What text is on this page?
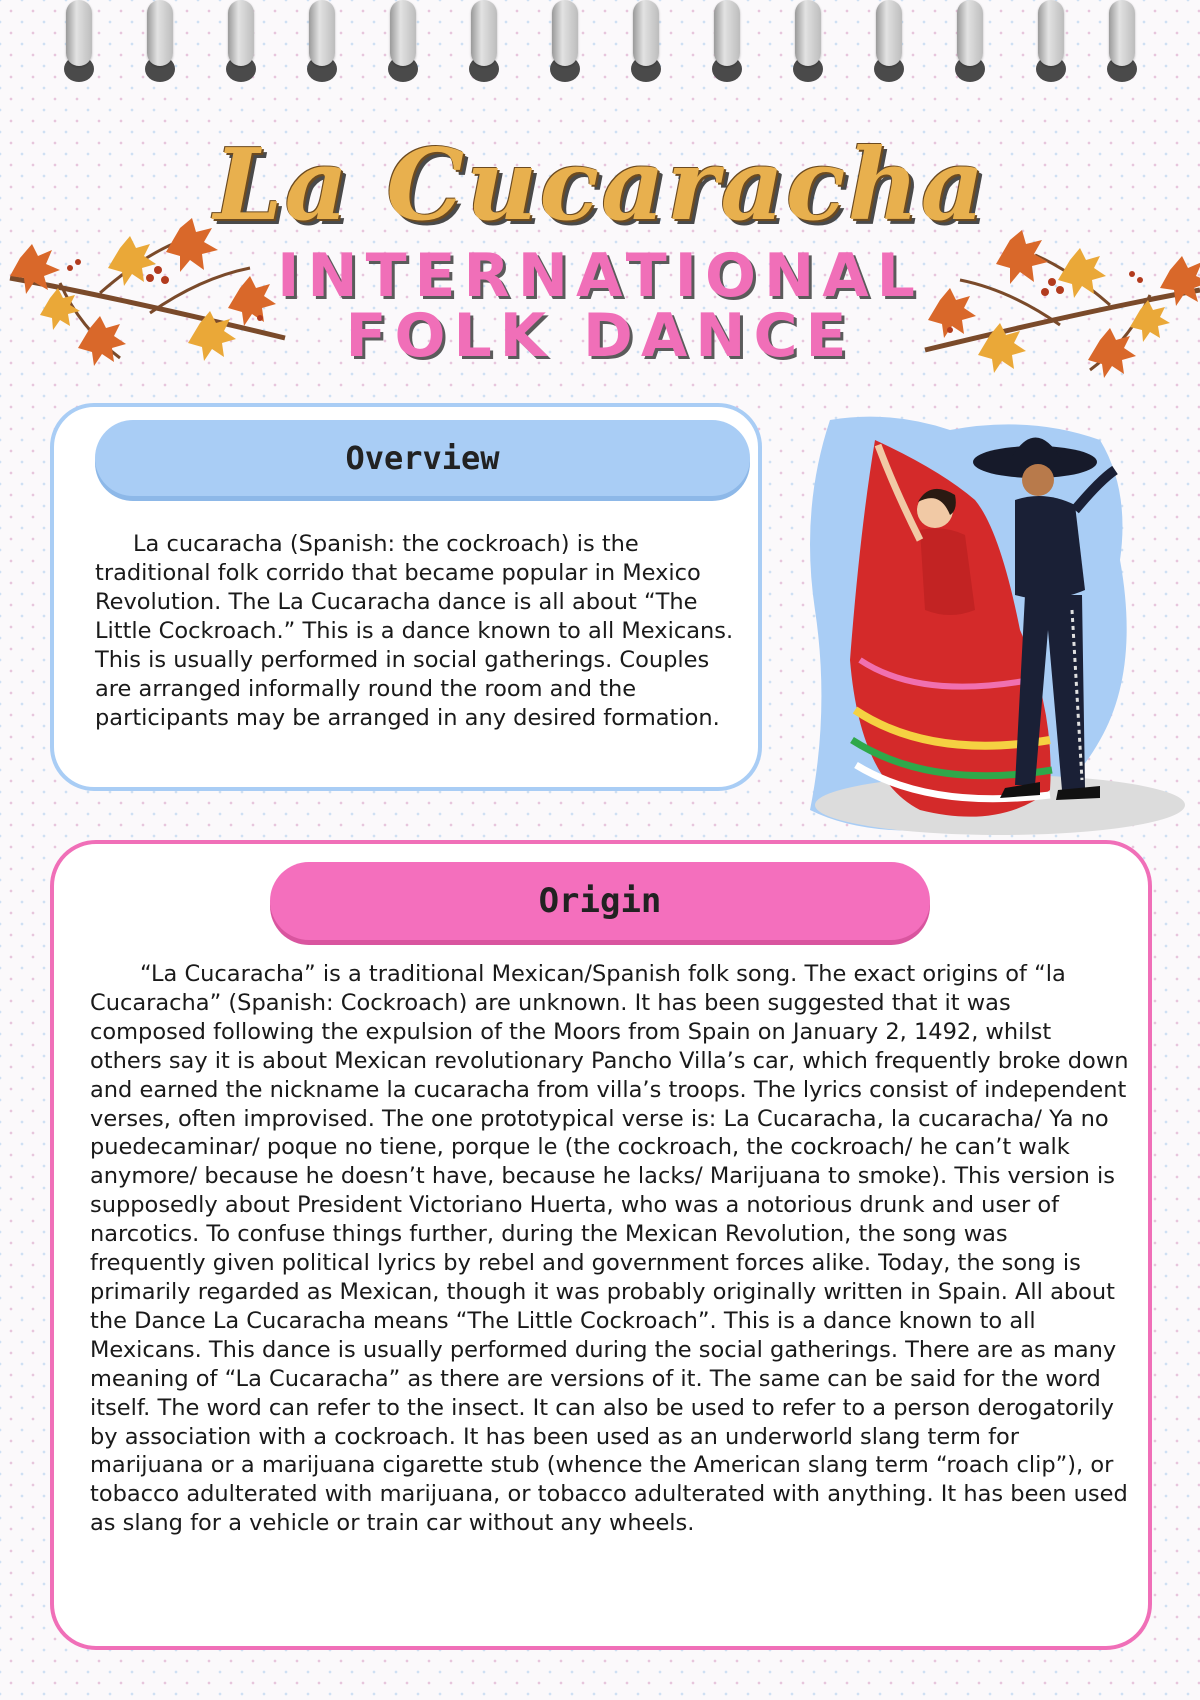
La Cucaracha
INTERNATIONAL
FOLK DANCE
Overview

La cucaracha (Spanish: the cockroach) is the traditional folk corrido that became popular in Mexico Revolution. The La Cucaracha dance is all about “The Little Cockroach.” This is a dance known to all Mexicans. This is usually performed in social gatherings. Couples are arranged informally round the room and the participants may be arranged in any desired formation.

Origin

“La Cucaracha” is a traditional Mexican/Spanish folk song. The exact origins of “la Cucaracha” (Spanish: Cockroach) are unknown. It has been suggested that it was composed following the expulsion of the Moors from Spain on January 2, 1492, whilst others say it is about Mexican revolutionary Pancho Villa’s car, which frequently broke down and earned the nickname la cucaracha from villa’s troops. The lyrics consist of independent verses, often improvised. The one prototypical verse is: La Cucaracha, la cucaracha/ Ya no puedecaminar/ poque no tiene, porque le (the cockroach, the cockroach/ he can’t walk anymore/ because he doesn’t have, because he lacks/ Marijuana to smoke). This version is supposedly about President Victoriano Huerta, who was a notorious drunk and user of narcotics. To confuse things further, during the Mexican Revolution, the song was frequently given political lyrics by rebel and government forces alike. Today, the song is primarily regarded as Mexican, though it was probably originally written in Spain. All about the Dance La Cucaracha means “The Little Cockroach”. This is a dance known to all Mexicans. This dance is usually performed during the social gatherings. There are as many meaning of “La Cucaracha” as there are versions of it. The same can be said for the word itself. The word can refer to the insect. It can also be used to refer to a person derogatorily by association with a cockroach. It has been used as an underworld slang term for marijuana or a marijuana cigarette stub (whence the American slang term “roach clip”), or tobacco adulterated with marijuana, or tobacco adulterated with anything. It has been used as slang for a vehicle or train car without any wheels.
